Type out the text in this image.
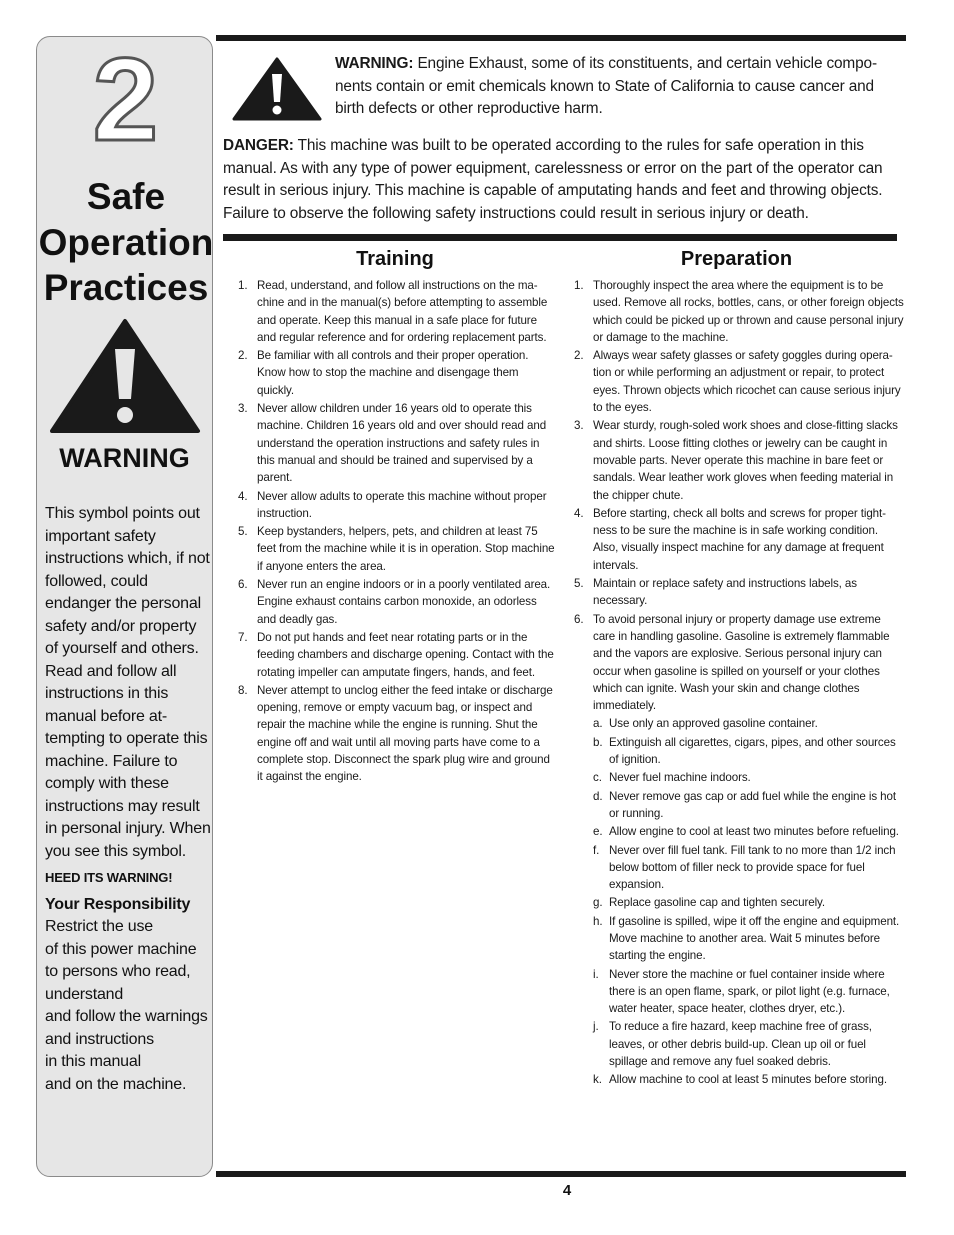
2
Safe
Operation
Practices
WARNING

This symbol points out important safety instructions which, if not followed, could endanger the personal safety and/or property of yourself and others. Read and follow all instructions in this manual before attempting to operate this machine. Failure to comply with these instructions may result in personal injury. When you see this symbol.

HEED ITS WARNING!

Your Responsibility

Restrict the use
of this power machine to persons who read, understand
and follow the warnings and instructions
in this manual
and on the machine.

WARNING: Engine Exhaust, some of its constituents, and certain vehicle components contain or emit chemicals known to State of California to cause cancer and birth defects or other reproductive harm.
DANGER: This machine was built to be operated according to the rules for safe operation in this manual. As with any type of power equipment, carelessness or error on the part of the operator can result in serious injury. This machine is capable of amputating hands and feet and throwing objects. Failure to observe the following safety instructions could result in serious injury or death.
Training
1. Read, understand, and follow all instructions on the machine and in the manual(s) before attempting to assemble and operate. Keep this manual in a safe place for future and regular reference and for ordering replacement parts.
2. Be familiar with all controls and their proper operation. Know how to stop the machine and disengage them quickly.
3. Never allow children under 16 years old to operate this machine. Children 16 years old and over should read and understand the operation instructions and safety rules in this manual and should be trained and supervised by a parent.
4. Never allow adults to operate this machine without proper instruction.
5. Keep bystanders, helpers, pets, and children at least 75 feet from the machine while it is in operation. Stop machine if anyone enters the area.
6. Never run an engine indoors or in a poorly ventilated area. Engine exhaust contains carbon monoxide, an odorless and deadly gas.
7. Do not put hands and feet near rotating parts or in the feeding chambers and discharge opening. Contact with the rotating impeller can amputate fingers, hands, and feet.
8. Never attempt to unclog either the feed intake or discharge opening, remove or empty vacuum bag, or inspect and repair the machine while the engine is running. Shut the engine off and wait until all moving parts have come to a complete stop. Disconnect the spark plug wire and ground it against the engine.
Preparation
1. Thoroughly inspect the area where the equipment is to be used. Remove all rocks, bottles, cans, or other foreign objects which could be picked up or thrown and cause personal injury or damage to the machine.
2. Always wear safety glasses or safety goggles during operation or while performing an adjustment or repair, to protect eyes. Thrown objects which ricochet can cause serious injury to the eyes.
3. Wear sturdy, rough-soled work shoes and close-fitting slacks and shirts. Loose fitting clothes or jewelry can be caught in movable parts. Never operate this machine in bare feet or sandals. Wear leather work gloves when feeding material in the chipper chute.
4. Before starting, check all bolts and screws for proper tightness to be sure the machine is in safe working condition. Also, visually inspect machine for any damage at frequent intervals.
5. Maintain or replace safety and instructions labels, as necessary.
6. To avoid personal injury or property damage use extreme care in handling gasoline. Gasoline is extremely flammable and the vapors are explosive. Serious personal injury can occur when gasoline is spilled on yourself or your clothes which can ignite. Wash your skin and change clothes immediately.
a. Use only an approved gasoline container.
b. Extinguish all cigarettes, cigars, pipes, and other sources of ignition.
c. Never fuel machine indoors.
d. Never remove gas cap or add fuel while the engine is hot or running.
e. Allow engine to cool at least two minutes before refueling.
f. Never over fill fuel tank. Fill tank to no more than 1/2 inch below bottom of filler neck to provide space for fuel expansion.
g. Replace gasoline cap and tighten securely.
h. If gasoline is spilled, wipe it off the engine and equipment. Move machine to another area. Wait 5 minutes before starting the engine.
i. Never store the machine or fuel container inside where there is an open flame, spark, or pilot light (e.g. furnace, water heater, space heater, clothes dryer, etc.).
j. To reduce a fire hazard, keep machine free of grass, leaves, or other debris build-up. Clean up oil or fuel spillage and remove any fuel soaked debris.
k. Allow machine to cool at least 5 minutes before storing.
4
